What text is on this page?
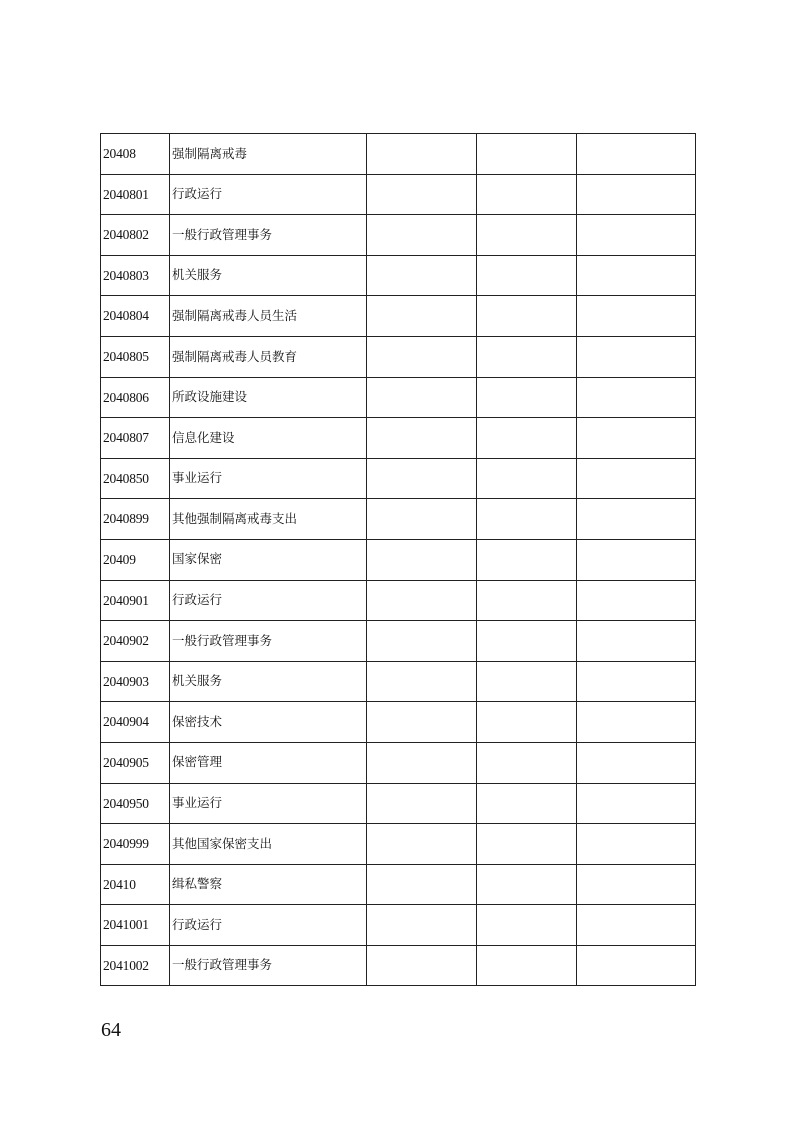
20408	强制隔离戒毒			
2040801	行政运行			
2040802	一般行政管理事务			
2040803	机关服务			
2040804	强制隔离戒毒人员生活			
2040805	强制隔离戒毒人员教育			
2040806	所政设施建设			
2040807	信息化建设			
2040850	事业运行			
2040899	其他强制隔离戒毒支出			
20409	国家保密			
2040901	行政运行			
2040902	一般行政管理事务			
2040903	机关服务			
2040904	保密技术			
2040905	保密管理			
2040950	事业运行			
2040999	其他国家保密支出			
20410	缉私警察			
2041001	行政运行			
2041002	一般行政管理事务			
64
